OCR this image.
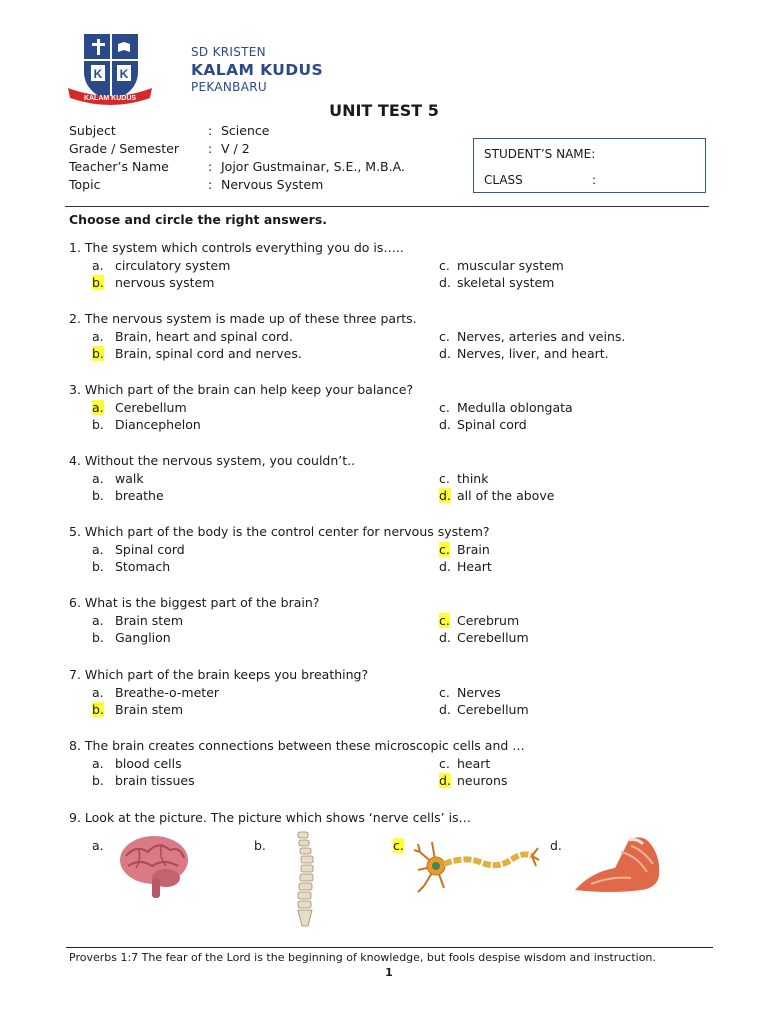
K K
KALAM KUDUS
SD KRISTEN
KALAM KUDUS
PEKANBARU
UNIT TEST 5
Subject	: Science
Grade / Semester : V / 2
Teacher’s Name	: Jojor Gustmainar, S.E., M.B.A.
Topic	: Nervous System
STUDENT’S NAME:
CLASS	:
Choose and circle the right answers.
1. The system which controls everything you do is…..
a. circulatory system
b. nervous system
c. muscular system
d. skeletal system
2. The nervous system is made up of these three parts.
a. Brain, heart and spinal cord.
b. Brain, spinal cord and nerves.
c. Nerves, arteries and veins.
d. Nerves, liver, and heart.
3. Which part of the brain can help keep your balance?
a. Cerebellum
b. Diancephelon
c. Medulla oblongata
d. Spinal cord
4. Without the nervous system, you couldn’t..
a. walk
b. breathe
c. think
d. all of the above
5. Which part of the body is the control center for nervous system?
a. Spinal cord
b. Stomach
c. Brain
d. Heart
6. What is the biggest part of the brain?
a. Brain stem
b. Ganglion
c. Cerebrum
d. Cerebellum
7. Which part of the brain keeps you breathing?
a. Breathe-o-meter
b. Brain stem
c. Nerves
d. Cerebellum
8. The brain creates connections between these microscopic cells and …
a. blood cells
b. brain tissues
c. heart
d. neurons
9. Look at the picture. The picture which shows ‘nerve cells’ is…
a.	b.	c.	d.
Proverbs 1:7 The fear of the Lord is the beginning of knowledge, but fools despise wisdom and instruction.
1
